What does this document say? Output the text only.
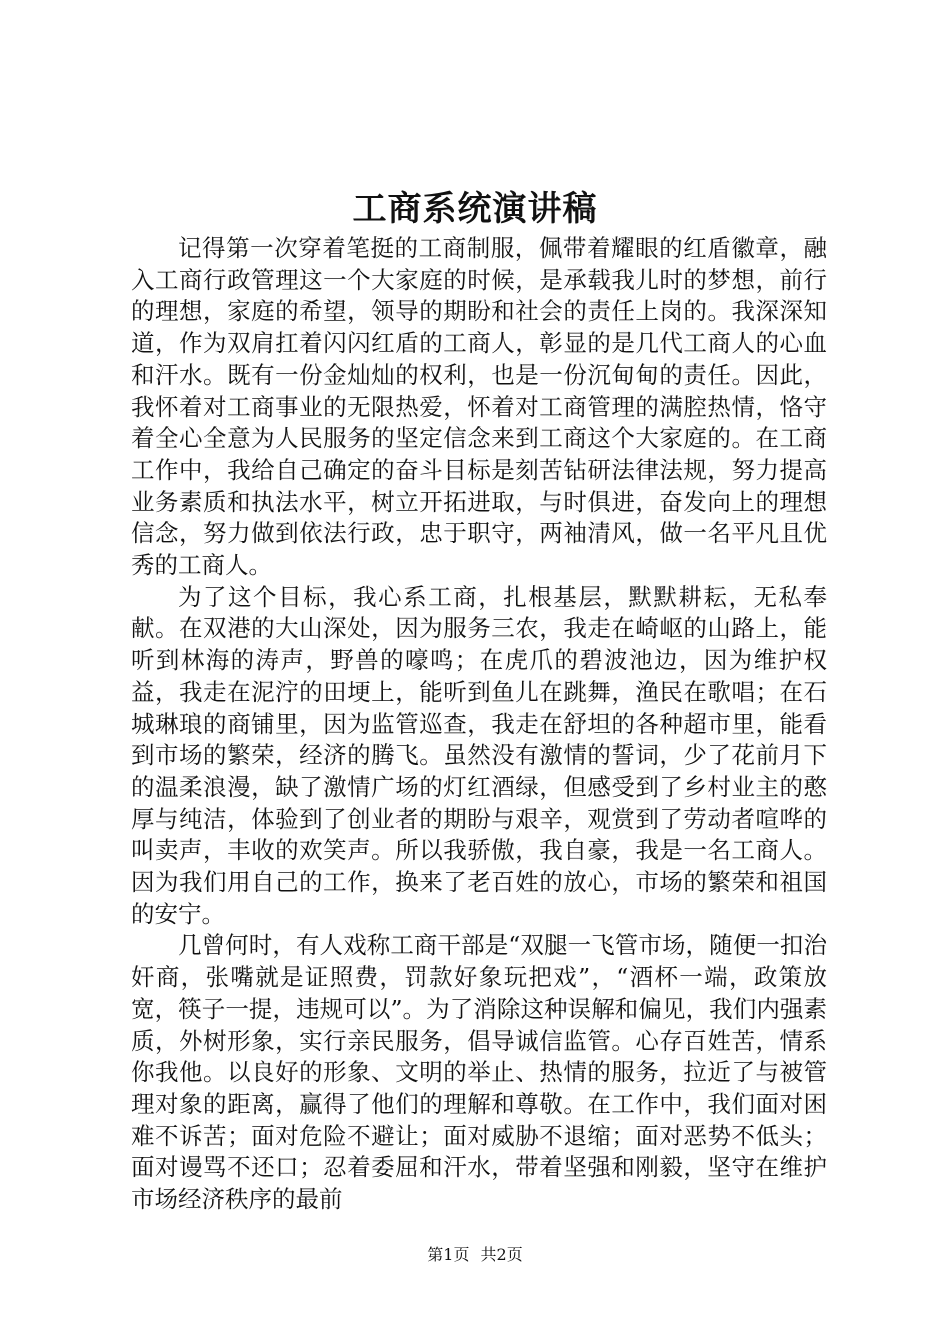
工商系统演讲稿

记得第一次穿着笔挺的工商制服，佩带着耀眼的红盾徽章，融入工商行政管理这一个大家庭的时候，是承载我儿时的梦想，前行的理想，家庭的希望，领导的期盼和社会的责任上岗的。我深深知道，作为双肩扛着闪闪红盾的工商人，彰显的是几代工商人的心血和汗水。既有一份金灿灿的权利，也是一份沉甸甸的责任。因此，我怀着对工商事业的无限热爱，怀着对工商管理的满腔热情，恪守着全心全意为人民服务的坚定信念来到工商这个大家庭的。在工商工作中，我给自己确定的奋斗目标是刻苦钻研法律法规，努力提高业务素质和执法水平，树立开拓进取，与时俱进，奋发向上的理想信念，努力做到依法行政，忠于职守，两袖清风，做一名平凡且优秀的工商人。

为了这个目标，我心系工商，扎根基层，默默耕耘，无私奉献。在双港的大山深处，因为服务三农，我走在崎岖的山路上，能听到林海的涛声，野兽的嚎鸣；在虎爪的碧波池边，因为维护权益，我走在泥泞的田埂上，能听到鱼儿在跳舞，渔民在歌唱；在石城琳琅的商铺里，因为监管巡查，我走在舒坦的各种超市里，能看到市场的繁荣，经济的腾飞。虽然没有激情的誓词，少了花前月下的温柔浪漫，缺了激情广场的灯红酒绿，但感受到了乡村业主的憨厚与纯洁，体验到了创业者的期盼与艰辛，观赏到了劳动者喧哗的叫卖声，丰收的欢笑声。所以我骄傲，我自豪，我是一名工商人。因为我们用自己的工作，换来了老百姓的放心，市场的繁荣和祖国的安宁。

几曾何时，有人戏称工商干部是“双腿一飞管市场，随便一扣治奸商，张嘴就是证照费，罚款好象玩把戏”，“酒杯一端，政策放宽，筷子一提，违规可以”。为了消除这种误解和偏见，我们内强素质，外树形象，实行亲民服务，倡导诚信监管。心存百姓苦，情系你我他。以良好的形象、文明的举止、热情的服务，拉近了与被管理对象的距离，赢得了他们的理解和尊敬。在工作中，我们面对困难不诉苦；面对危险不避让；面对威胁不退缩；面对恶势不低头；面对谩骂不还口；忍着委屈和汗水，带着坚强和刚毅，坚守在维护市场经济秩序的最前

第1页 共2页
